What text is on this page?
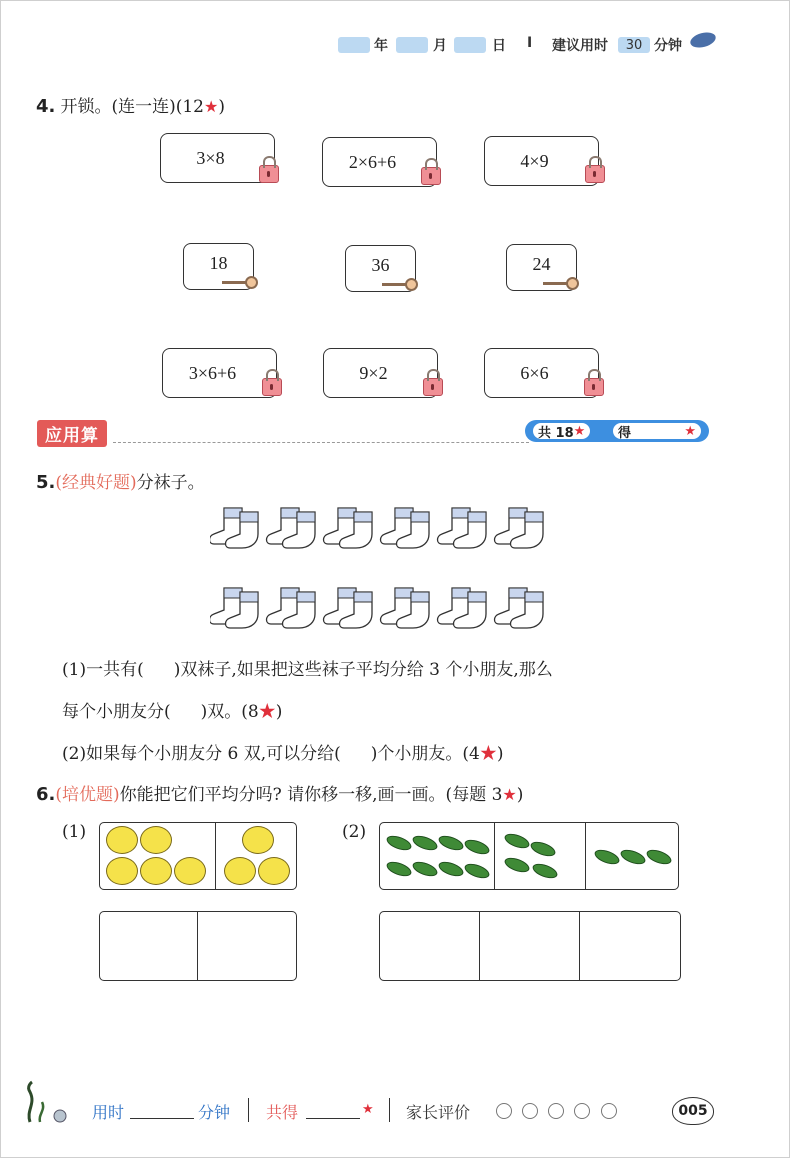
年	月	日 I 建议用时	30 分钟
4. 开锁。(连一连)(12★)
3×8	2×6+6	4×9
18	36	24
3×6+6	9×2	6×6
应用算	共 18 ★	得	★
5.(经典好题)分袜子。
(1)一共有( )双袜子,如果把这些袜子平均分给 3 个小朋友,那么
每个小朋友分( )双。(8★)
(2)如果每个小朋友分 6 双,可以分给( )个小朋友。(4★)
6.(培优题)你能把它们平均分吗? 请你移一移,画一画。(每题 3★)
(1)	(2)
用时	分钟 共得	★ 家长评价	005
